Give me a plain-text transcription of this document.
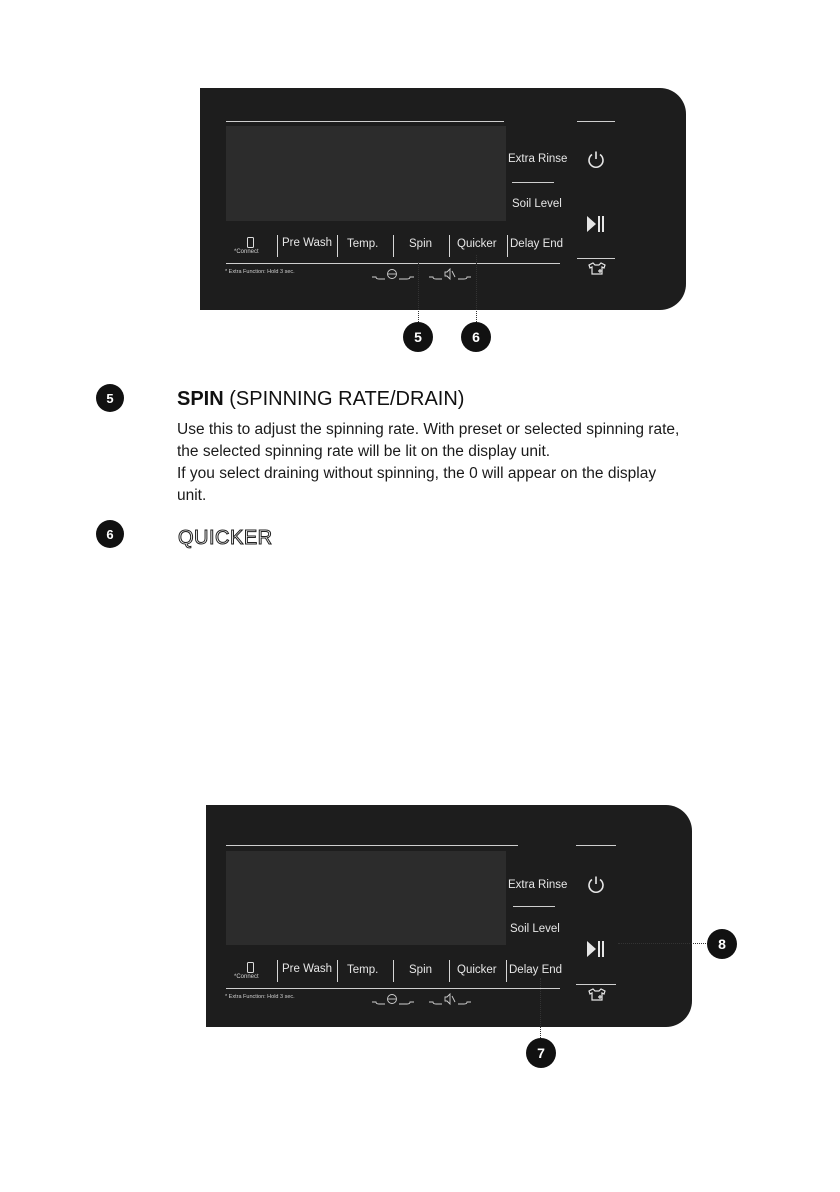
Extra Rinse
Soil Level
*Connect
Pre Wash Temp.	Spin Quicker Delay End
* Extra Function: Hold 3 sec.
5	6
5	SPIN (SPINNING RATE/DRAIN)

Use this to adjust the spinning rate. With preset or selected spinning rate,

the selected spinning rate will be lit on the display unit.

If you select draining without spinning, the 0 will appear on the display

unit.

6	QUICKER
Extra Rinse
Soil Level
*Connect
Pre Wash Temp.	Spin Quicker Delay End
* Extra Function: Hold 3 sec.
7
8
